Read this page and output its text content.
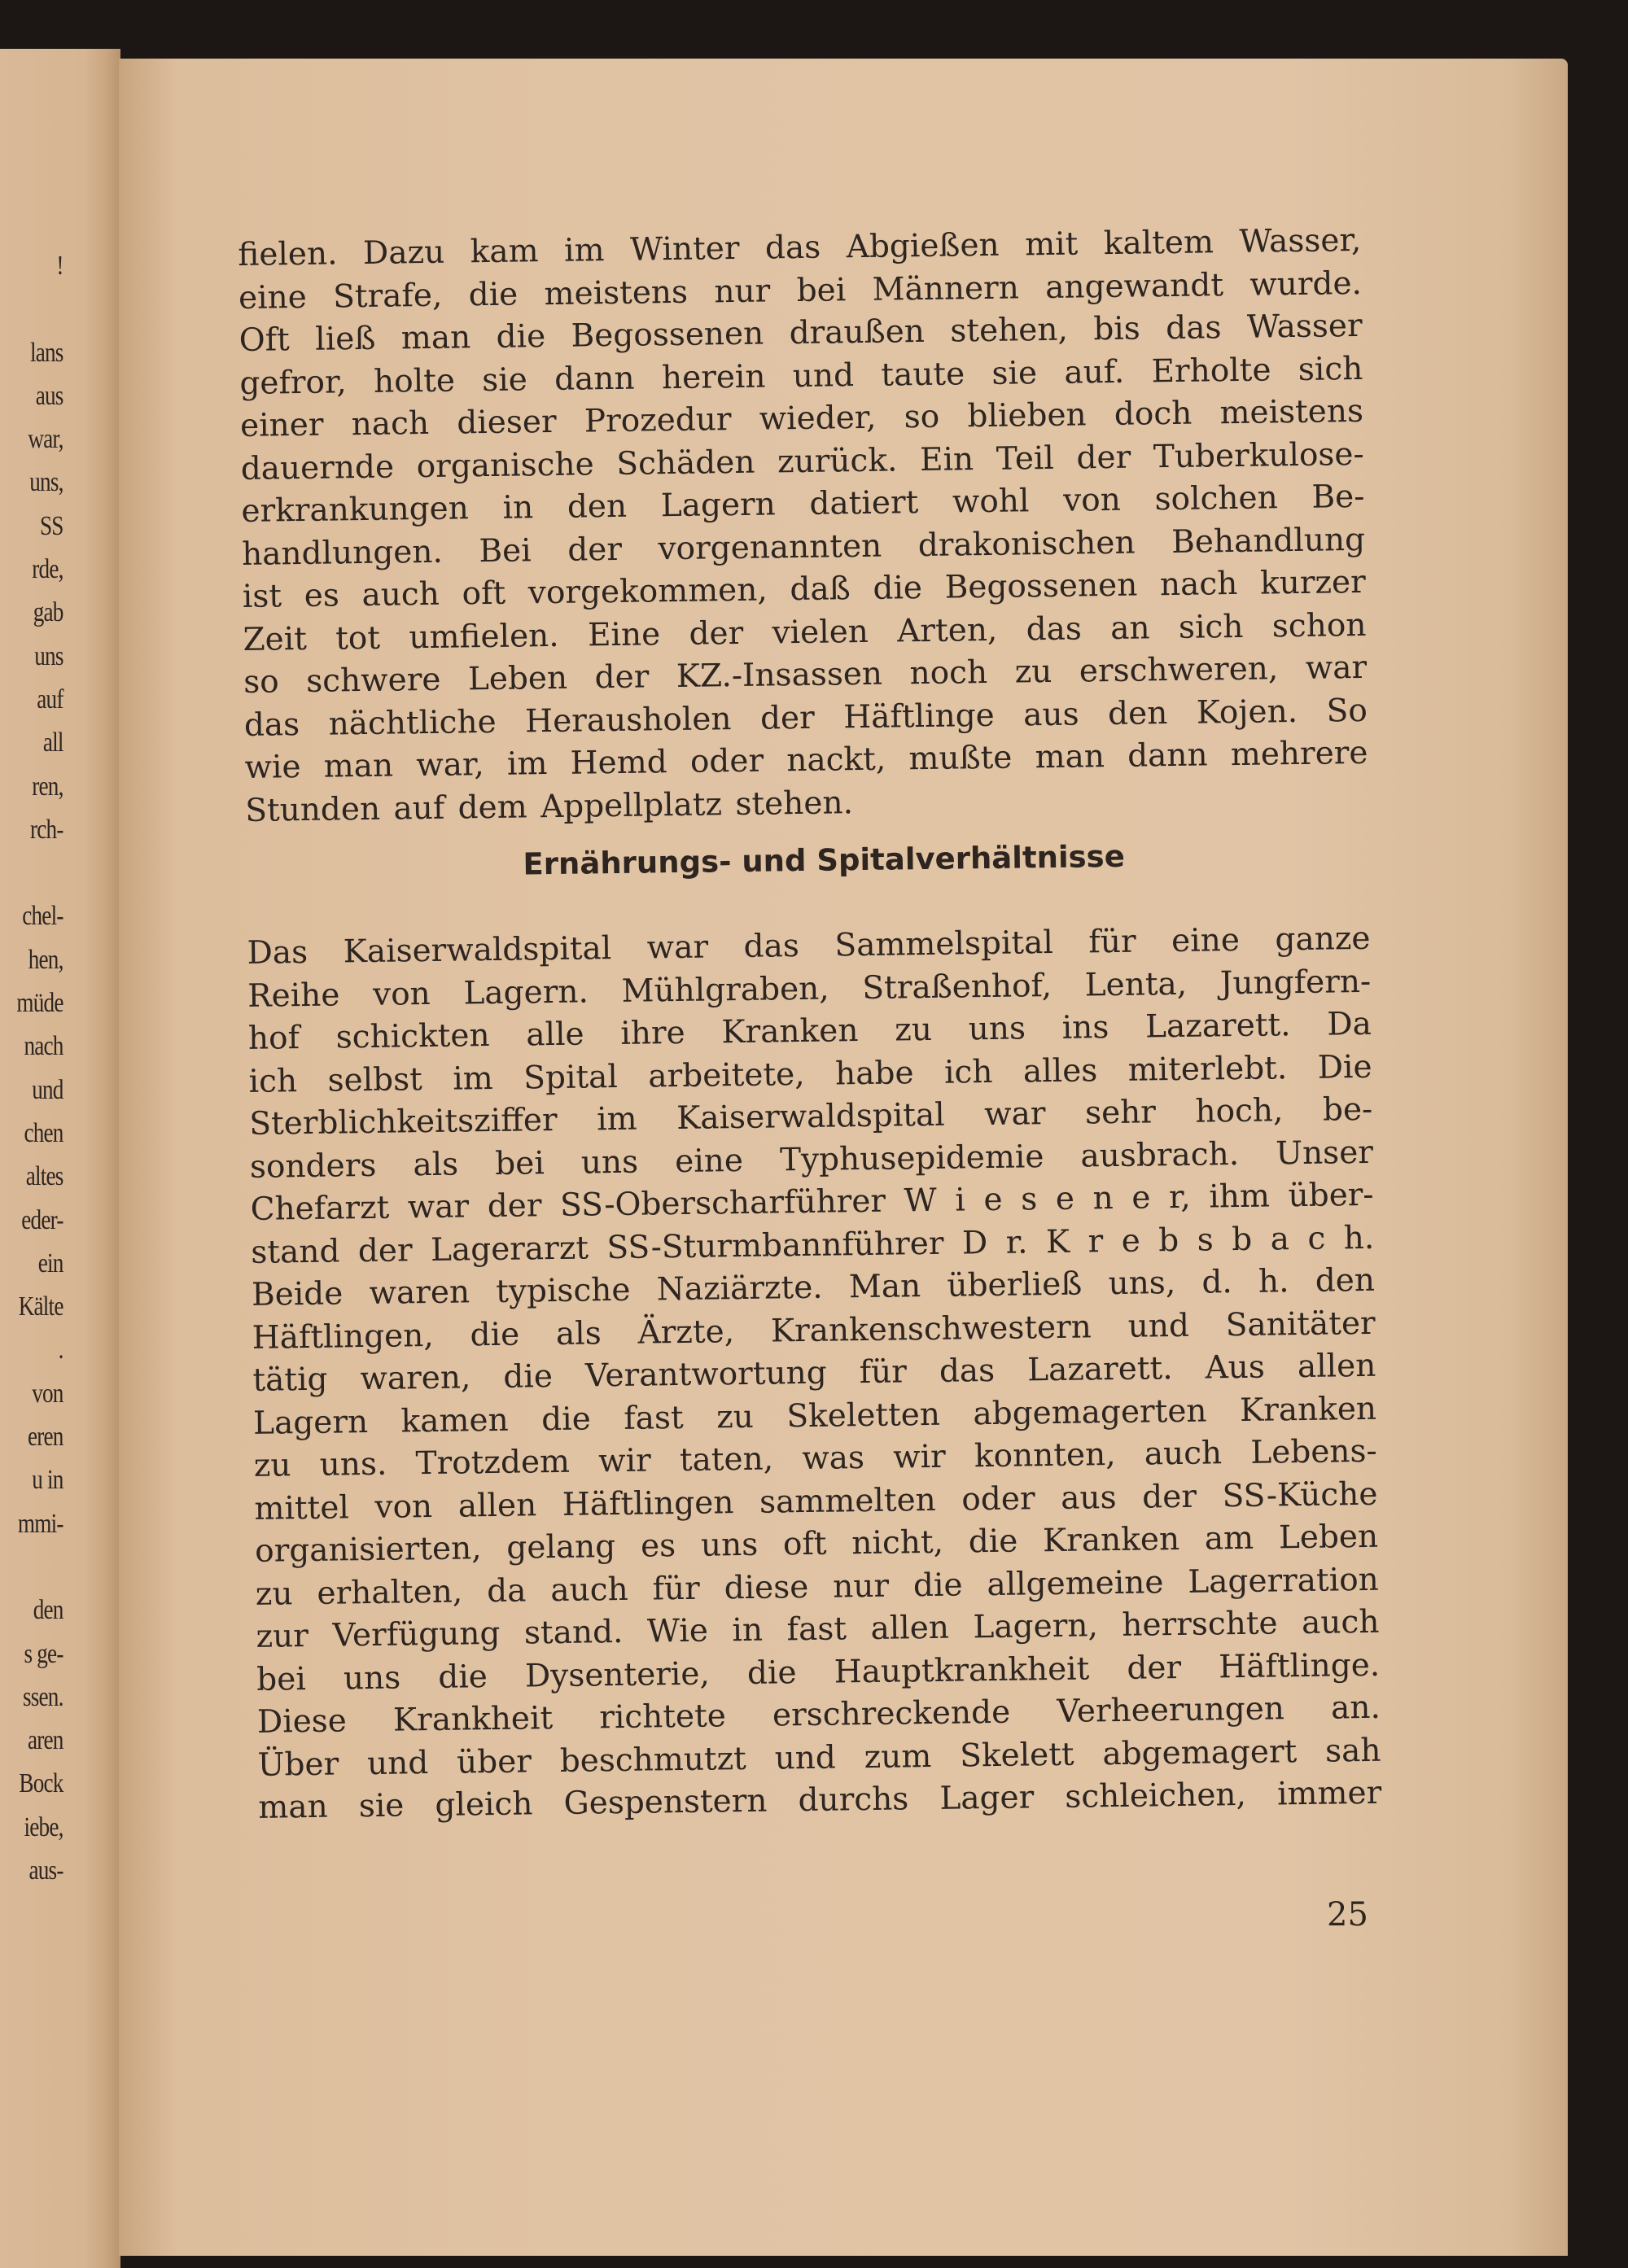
!
lans
aus
war,
uns,
SS
rde,
gab
uns
auf
all
ren,
rch-
chel-
hen,
müde
nach
und
chen
altes
eder-
ein
Kälte
.
von
eren
u in
mmi-
den
s ge-
ssen.
aren
Bock
iebe,
aus-
fielen. Dazu kam im Winter das Abgießen mit kaltem Wasser,
eine Strafe, die meistens nur bei Männern angewandt wurde.
Oft ließ man die Begossenen draußen stehen, bis das Wasser
gefror, holte sie dann herein und taute sie auf. Erholte sich
einer nach dieser Prozedur wieder, so blieben doch meistens
dauernde organische Schäden zurück. Ein Teil der Tuberkulose-
erkrankungen in den Lagern datiert wohl von solchen Be-
handlungen. Bei der vorgenannten drakonischen Behandlung
ist es auch oft vorgekommen, daß die Begossenen nach kurzer
Zeit tot umfielen. Eine der vielen Arten, das an sich schon
so schwere Leben der KZ.-Insassen noch zu erschweren, war
das nächtliche Herausholen der Häftlinge aus den Kojen. So
wie man war, im Hemd oder nackt, mußte man dann mehrere
Stunden auf dem Appellplatz stehen.
Ernährungs- und Spitalverhältnisse
Das Kaiserwaldspital war das Sammelspital für eine ganze
Reihe von Lagern. Mühlgraben, Straßenhof, Lenta, Jungfern-
hof schickten alle ihre Kranken zu uns ins Lazarett. Da
ich selbst im Spital arbeitete, habe ich alles miterlebt. Die
Sterblichkeitsziffer im Kaiserwaldspital war sehr hoch, be-
sonders als bei uns eine Typhusepidemie ausbrach. Unser
Chefarzt war der SS-Oberscharführer W i e s e n e r, ihm über-
stand der Lagerarzt SS-Sturmbannführer D r. K r e b s b a c h.
Beide waren typische Naziärzte. Man überließ uns, d. h. den
Häftlingen, die als Ärzte, Krankenschwestern und Sanitäter
tätig waren, die Verantwortung für das Lazarett. Aus allen
Lagern kamen die fast zu Skeletten abgemagerten Kranken
zu uns. Trotzdem wir taten, was wir konnten, auch Lebens-
mittel von allen Häftlingen sammelten oder aus der SS-Küche
organisierten, gelang es uns oft nicht, die Kranken am Leben
zu erhalten, da auch für diese nur die allgemeine Lagerration
zur Verfügung stand. Wie in fast allen Lagern, herrschte auch
bei uns die Dysenterie, die Hauptkrankheit der Häftlinge.
Diese Krankheit richtete erschreckende Verheerungen an.
Über und über beschmutzt und zum Skelett abgemagert sah
man sie gleich Gespenstern durchs Lager schleichen, immer
25
